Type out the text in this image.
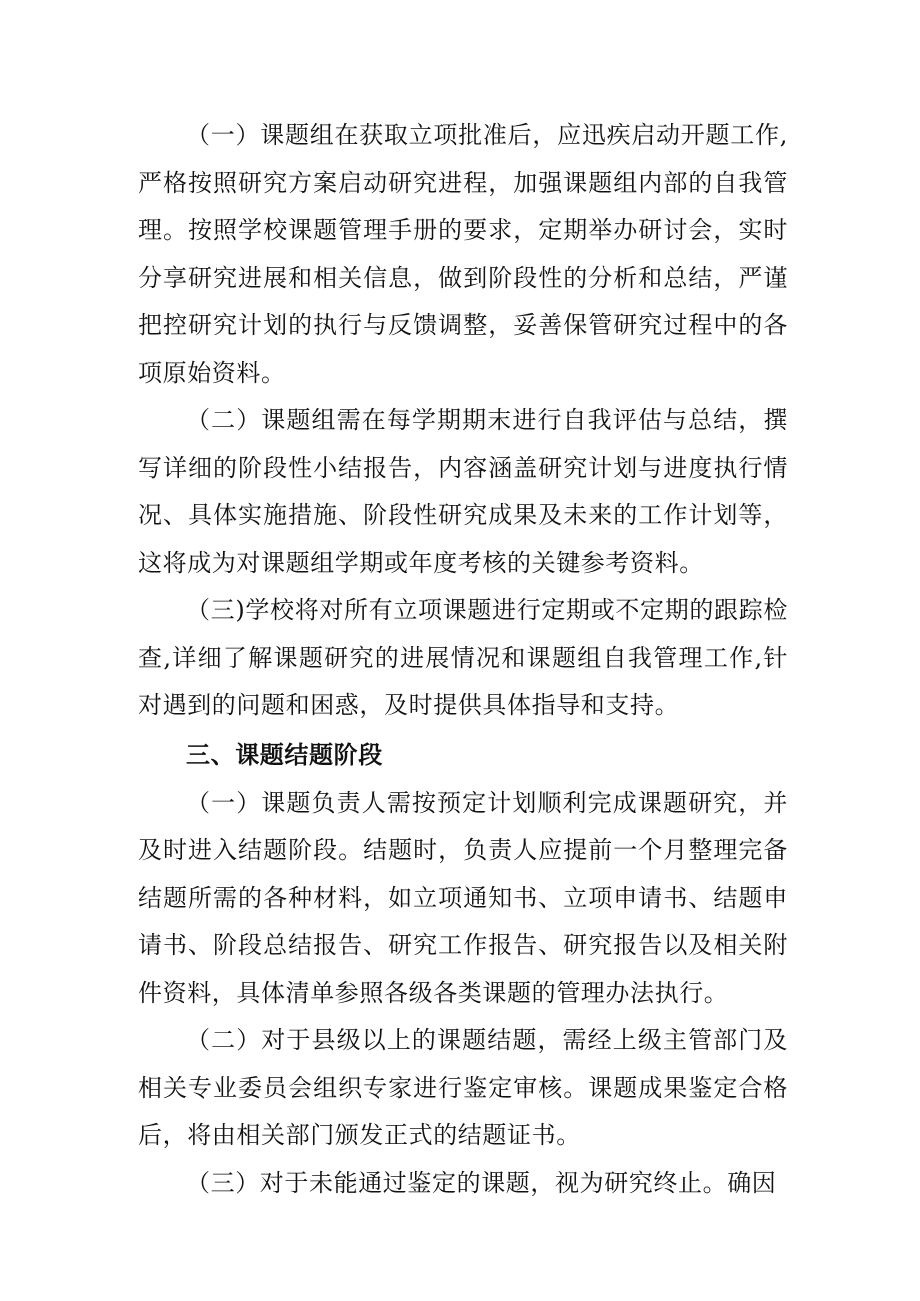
（一）课题组在获取立项批准后，应迅疾启动开题工作,严格按照研究方案启动研究进程，加强课题组内部的自我管理。按照学校课题管理手册的要求，定期举办研讨会，实时分享研究进展和相关信息，做到阶段性的分析和总结，严谨把控研究计划的执行与反馈调整，妥善保管研究过程中的各项原始资料。

（二）课题组需在每学期期末进行自我评估与总结，撰写详细的阶段性小结报告，内容涵盖研究计划与进度执行情况、具体实施措施、阶段性研究成果及未来的工作计划等，这将成为对课题组学期或年度考核的关键参考资料。

（三)学校将对所有立项课题进行定期或不定期的跟踪检查,详细了解课题研究的进展情况和课题组自我管理工作,针对遇到的问题和困惑，及时提供具体指导和支持。

三、课题结题阶段

（一）课题负责人需按预定计划顺利完成课题研究，并及时进入结题阶段。结题时，负责人应提前一个月整理完备结题所需的各种材料，如立项通知书、立项申请书、结题申请书、阶段总结报告、研究工作报告、研究报告以及相关附件资料，具体清单参照各级各类课题的管理办法执行。

（二）对于县级以上的课题结题，需经上级主管部门及相关专业委员会组织专家进行鉴定审核。课题成果鉴定合格后，将由相关部门颁发正式的结题证书。

（三）对于未能通过鉴定的课题，视为研究终止。确因
